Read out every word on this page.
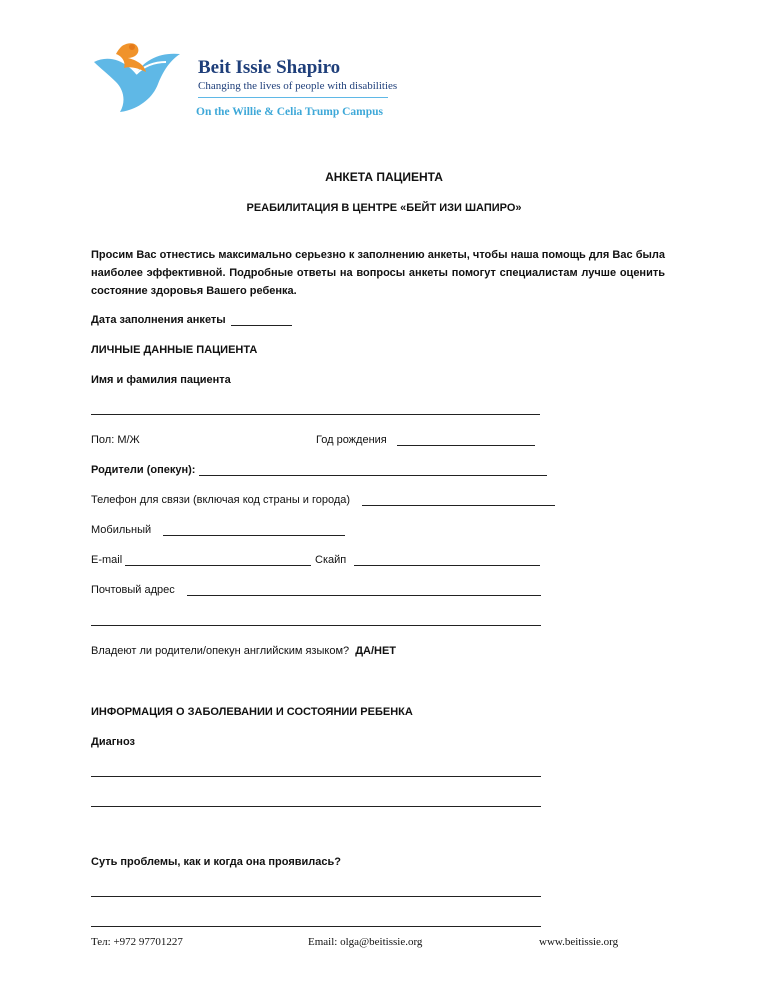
Beit Issie Shapiro
Changing the lives of people with disabilities
On the Willie & Celia Trump Campus
АНКЕТА ПАЦИЕНТА
РЕАБИЛИТАЦИЯ В ЦЕНТРЕ «БЕЙТ ИЗИ ШАПИРО»
Просим Вас отнестись максимально серьезно к заполнению анкеты, чтобы наша помощь для Вас была наиболее эффективной. Подробные ответы на вопросы анкеты помогут специалистам лучше оценить состояние здоровья Вашего ребенка.
Дата заполнения анкеты
ЛИЧНЫЕ ДАННЫЕ ПАЦИЕНТА
Имя и фамилия пациента
Пол: М/Ж	Год рождения
Родители (опекун):
Телефон для связи (включая код страны и города)
Мобильный
E-mail	Скайп
Почтовый адрес
Владеют ли родители/опекун английским языком? ДА/НЕТ
ИНФОРМАЦИЯ О ЗАБОЛЕВАНИИ И СОСТОЯНИИ РЕБЕНКА
Диагноз
Суть проблемы, как и когда она проявилась?
Тел: +972 97701227	Email: olga@beitissie.org	www.beitissie.org
